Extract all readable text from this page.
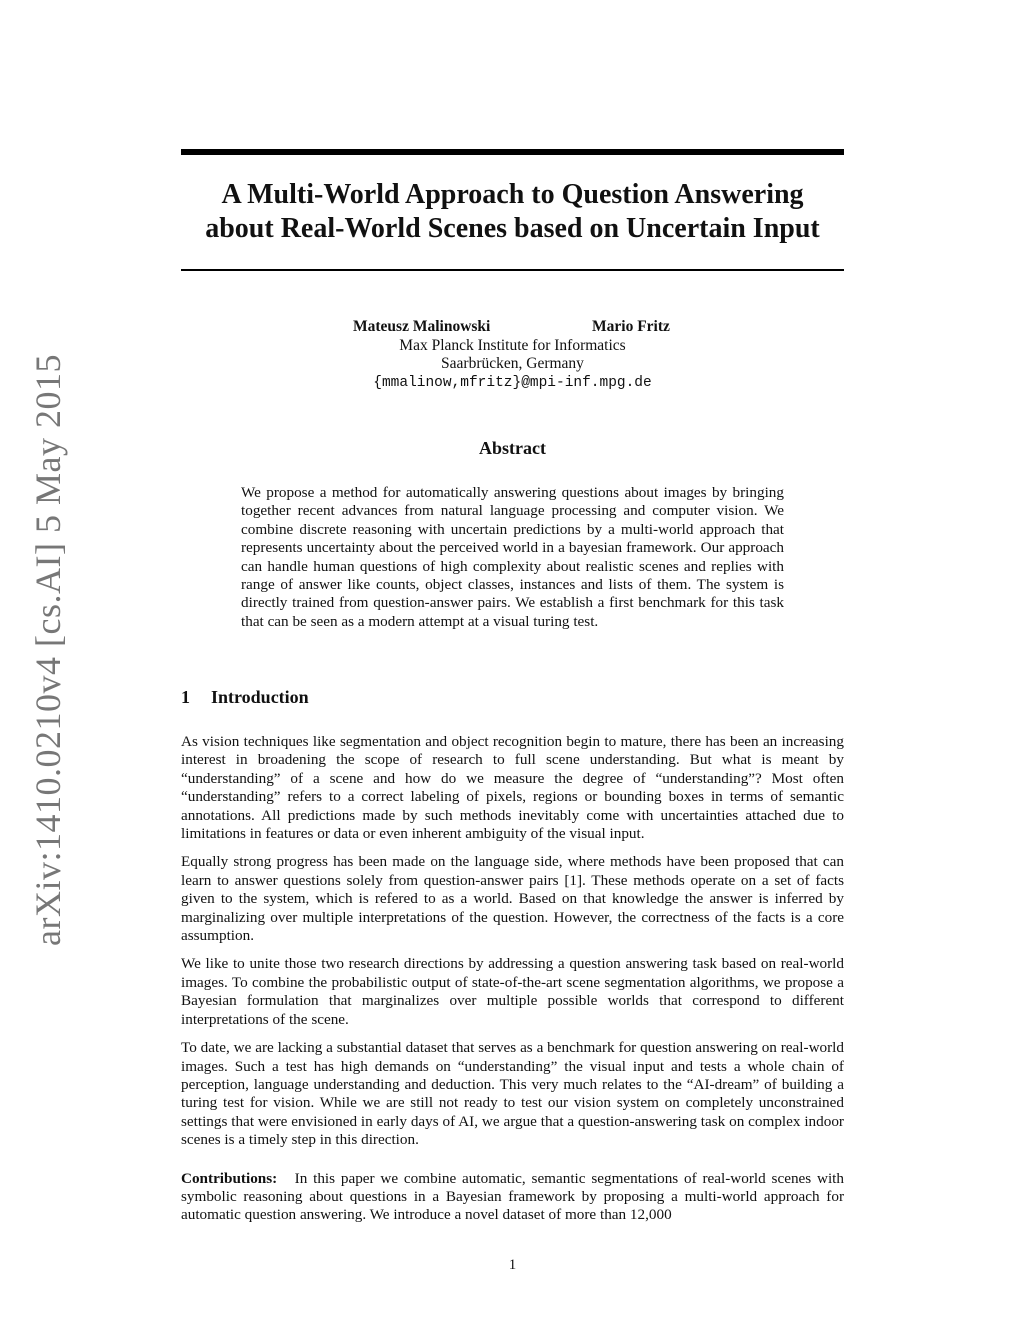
arXiv:1410.0210v4 [cs.AI] 5 May 2015
A Multi-World Approach to Question Answering
about Real-World Scenes based on Uncertain Input
Mateusz Malinowski	Mario Fritz
Max Planck Institute for Informatics
Saarbrücken, Germany
{mmalinow,mfritz}@mpi-inf.mpg.de
Abstract

We propose a method for automatically answering questions about images by bringing together recent advances from natural language processing and computer vision. We combine discrete reasoning with uncertain predictions by a multi-world approach that represents uncertainty about the perceived world in a bayesian framework. Our approach can handle human questions of high complexity about realistic scenes and replies with range of answer like counts, object classes, instances and lists of them. The system is directly trained from question-answer pairs. We establish a first benchmark for this task that can be seen as a modern attempt at a visual turing test.

1 Introduction

As vision techniques like segmentation and object recognition begin to mature, there has been an increasing interest in broadening the scope of research to full scene understanding. But what is meant by “understanding” of a scene and how do we measure the degree of “understanding”? Most often “understanding” refers to a correct labeling of pixels, regions or bounding boxes in terms of semantic annotations. All predictions made by such methods inevitably come with uncertainties attached due to limitations in features or data or even inherent ambiguity of the visual input.

Equally strong progress has been made on the language side, where methods have been proposed that can learn to answer questions solely from question-answer pairs [1]. These methods operate on a set of facts given to the system, which is refered to as a world. Based on that knowledge the answer is inferred by marginalizing over multiple interpretations of the question. However, the correctness of the facts is a core assumption.

We like to unite those two research directions by addressing a question answering task based on real-world images. To combine the probabilistic output of state-of-the-art scene segmentation algorithms, we propose a Bayesian formulation that marginalizes over multiple possible worlds that correspond to different interpretations of the scene.

To date, we are lacking a substantial dataset that serves as a benchmark for question answering on real-world images. Such a test has high demands on “understanding” the visual input and tests a whole chain of perception, language understanding and deduction. This very much relates to the “AI-dream” of building a turing test for vision. While we are still not ready to test our vision system on completely unconstrained settings that were envisioned in early days of AI, we argue that a question-answering task on complex indoor scenes is a timely step in this direction.

Contributions: In this paper we combine automatic, semantic segmentations of real-world scenes with symbolic reasoning about questions in a Bayesian framework by proposing a multi-world approach for automatic question answering. We introduce a novel dataset of more than 12,000

1
